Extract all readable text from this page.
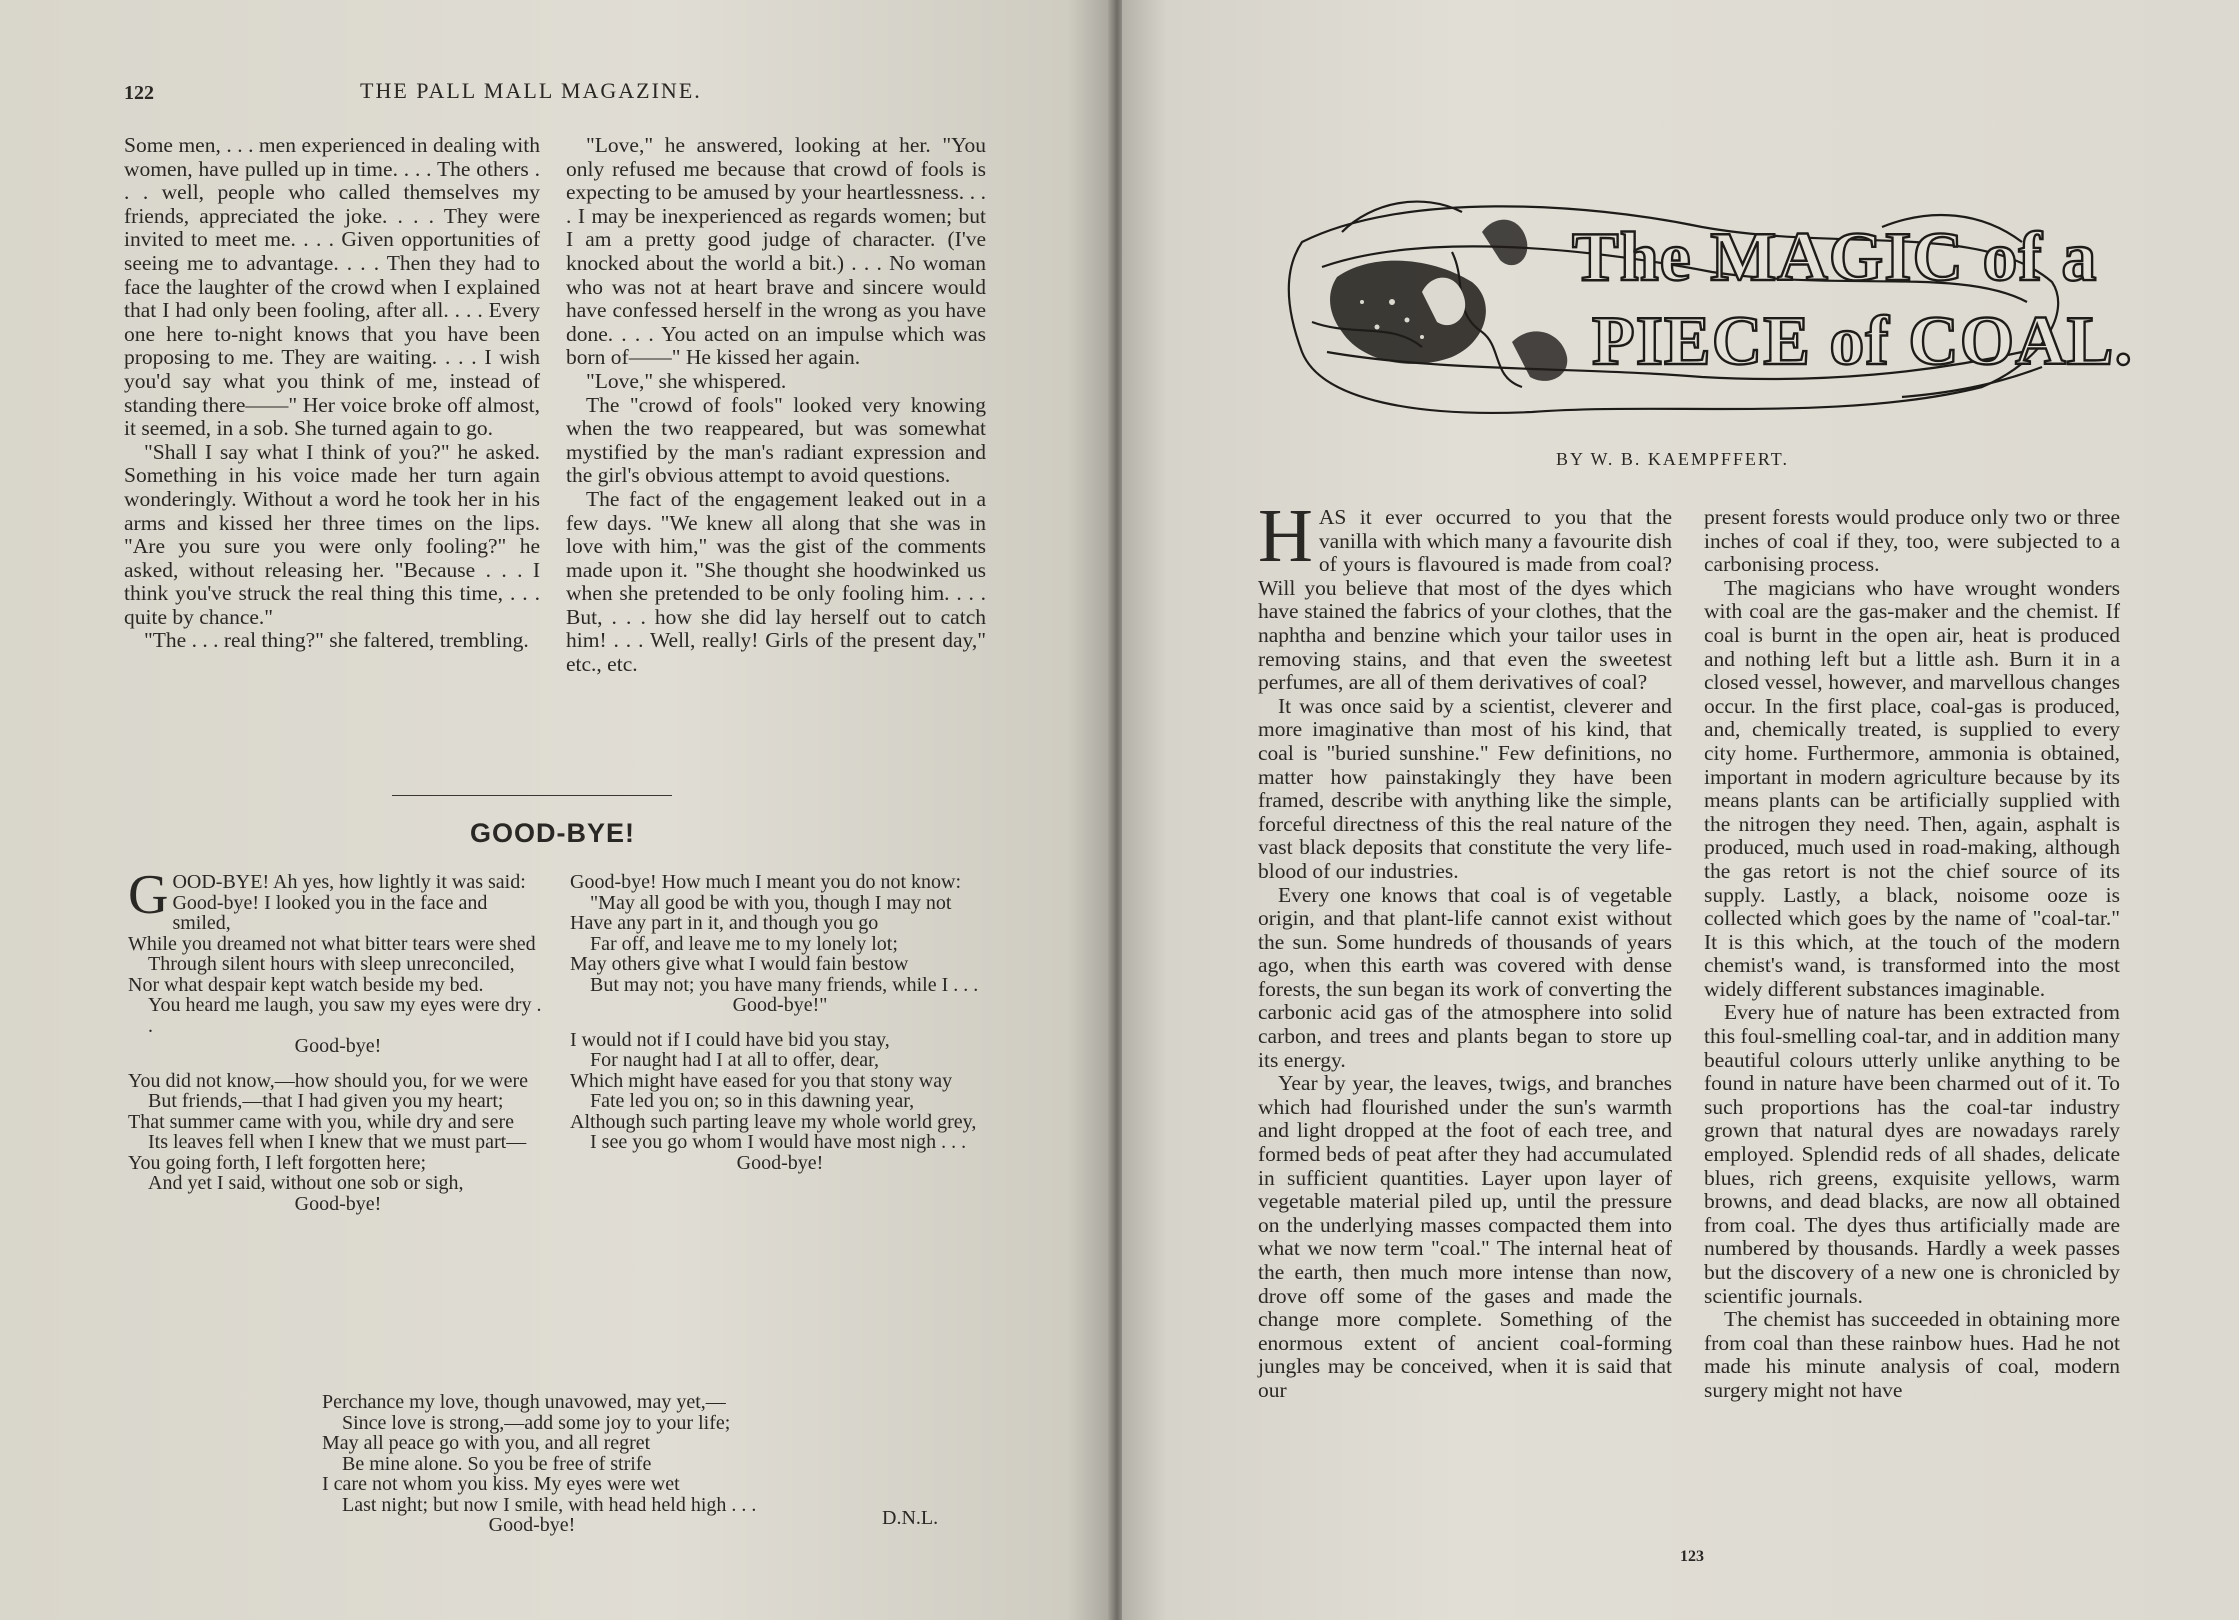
122	THE PALL MALL MAGAZINE.

Some men, . . . men experienced in dealing with women, have pulled up in time. . . . The others . . . well, people who called themselves my friends, appreciated the joke. . . . They were invited to meet me. . . . Given opportunities of seeing me to advantage. . . . Then they had to face the laughter of the crowd when I explained that I had only been fooling, after all. . . . Every one here to-night knows that you have been proposing to me. They are waiting. . . . I wish you'd say what you think of me, instead of standing there——" Her voice broke off almost, it seemed, in a sob. She turned again to go.

"Shall I say what I think of you?" he asked. Something in his voice made her turn again wonderingly. Without a word he took her in his arms and kissed her three times on the lips. "Are you sure you were only fooling?" he asked, without releasing her. "Because . . . I think you've struck the real thing this time, . . . quite by chance."

"The . . . real thing?" she faltered, trembling.

"Love," he answered, looking at her. "You only refused me because that crowd of fools is expecting to be amused by your heartlessness. . . . I may be inexperienced as regards women; but I am a pretty good judge of character. (I've knocked about the world a bit.) . . . No woman who was not at heart brave and sincere would have confessed herself in the wrong as you have done. . . . You acted on an impulse which was born of——" He kissed her again.

"Love," she whispered.

The "crowd of fools" looked very knowing when the two reappeared, but was somewhat mystified by the man's radiant expression and the girl's obvious attempt to avoid questions.

The fact of the engagement leaked out in a few days. "We knew all along that she was in love with him," was the gist of the comments made upon it. "She thought she hoodwinked us when she pretended to be only fooling him. . . . But, . . . how she did lay herself out to catch him! . . . Well, really! Girls of the present day," etc., etc.

GOOD-BYE!
G OOD-BYE! Ah yes, how lightly it was said:
Good-bye! I looked you in the face and smiled,
While you dreamed not what bitter tears were shed
Through silent hours with sleep unreconciled,
Nor what despair kept watch beside my bed.
You heard me laugh, you saw my eyes were dry . .
Good-bye!
You did not know,—how should you, for we were
But friends,—that I had given you my heart;
That summer came with you, while dry and sere
Its leaves fell when I knew that we must part—
You going forth, I left forgotten here;
And yet I said, without one sob or sigh,
Good-bye!
Good-bye! How much I meant you do not know:
"May all good be with you, though I may not
Have any part in it, and though you go
Far off, and leave me to my lonely lot;
May others give what I would fain bestow
But may not; you have many friends, while I . . .
Good-bye!"
I would not if I could have bid you stay,
For naught had I at all to offer, dear,
Which might have eased for you that stony way
Fate led you on; so in this dawning year,
Although such parting leave my whole world grey,
I see you go whom I would have most nigh . . .
Good-bye!
Perchance my love, though unavowed, may yet,—
Since love is strong,—add some joy to your life;
May all peace go with you, and all regret
Be mine alone. So you be free of strife
I care not whom you kiss. My eyes were wet
Last night; but now I smile, with head held high . . .
Good-bye!	D.N.L.
The MAGIC of a
PIECE of COAL.
BY W. B. KAEMPFFERT.

HAS it ever occurred to you that the vanilla with which many a favourite dish of yours is flavoured is made from coal? Will you believe that most of the dyes which have stained the fabrics of your clothes, that the naphtha and benzine which your tailor uses in removing stains, and that even the sweetest perfumes, are all of them derivatives of coal?

It was once said by a scientist, cleverer and more imaginative than most of his kind, that coal is "buried sunshine." Few definitions, no matter how painstakingly they have been framed, describe with anything like the simple, forceful directness of this the real nature of the vast black deposits that constitute the very life-blood of our industries.

Every one knows that coal is of vegetable origin, and that plant-life cannot exist without the sun. Some hundreds of thousands of years ago, when this earth was covered with dense forests, the sun began its work of converting the carbonic acid gas of the atmosphere into solid carbon, and trees and plants began to store up its energy.

Year by year, the leaves, twigs, and branches which had flourished under the sun's warmth and light dropped at the foot of each tree, and formed beds of peat after they had accumulated in sufficient quantities. Layer upon layer of vegetable material piled up, until the pressure on the underlying masses compacted them into what we now term "coal." The internal heat of the earth, then much more intense than now, drove off some of the gases and made the change more complete. Something of the enormous extent of ancient coal-forming jungles may be conceived, when it is said that our

present forests would produce only two or three inches of coal if they, too, were subjected to a carbonising process.

The magicians who have wrought wonders with coal are the gas-maker and the chemist. If coal is burnt in the open air, heat is produced and nothing left but a little ash. Burn it in a closed vessel, however, and marvellous changes occur. In the first place, coal-gas is produced, and, chemically treated, is supplied to every city home. Furthermore, ammonia is obtained, important in modern agriculture because by its means plants can be artificially supplied with the nitrogen they need. Then, again, asphalt is produced, much used in road-making, although the gas retort is not the chief source of its supply. Lastly, a black, noisome ooze is collected which goes by the name of "coal-tar." It is this which, at the touch of the modern chemist's wand, is transformed into the most widely different substances imaginable.

Every hue of nature has been extracted from this foul-smelling coal-tar, and in addition many beautiful colours utterly unlike anything to be found in nature have been charmed out of it. To such proportions has the coal-tar industry grown that natural dyes are nowadays rarely employed. Splendid reds of all shades, delicate blues, rich greens, exquisite yellows, warm browns, and dead blacks, are now all obtained from coal. The dyes thus artificially made are numbered by thousands. Hardly a week passes but the discovery of a new one is chronicled by scientific journals.

The chemist has succeeded in obtaining more from coal than these rainbow hues. Had he not made his minute analysis of coal, modern surgery might not have

123
